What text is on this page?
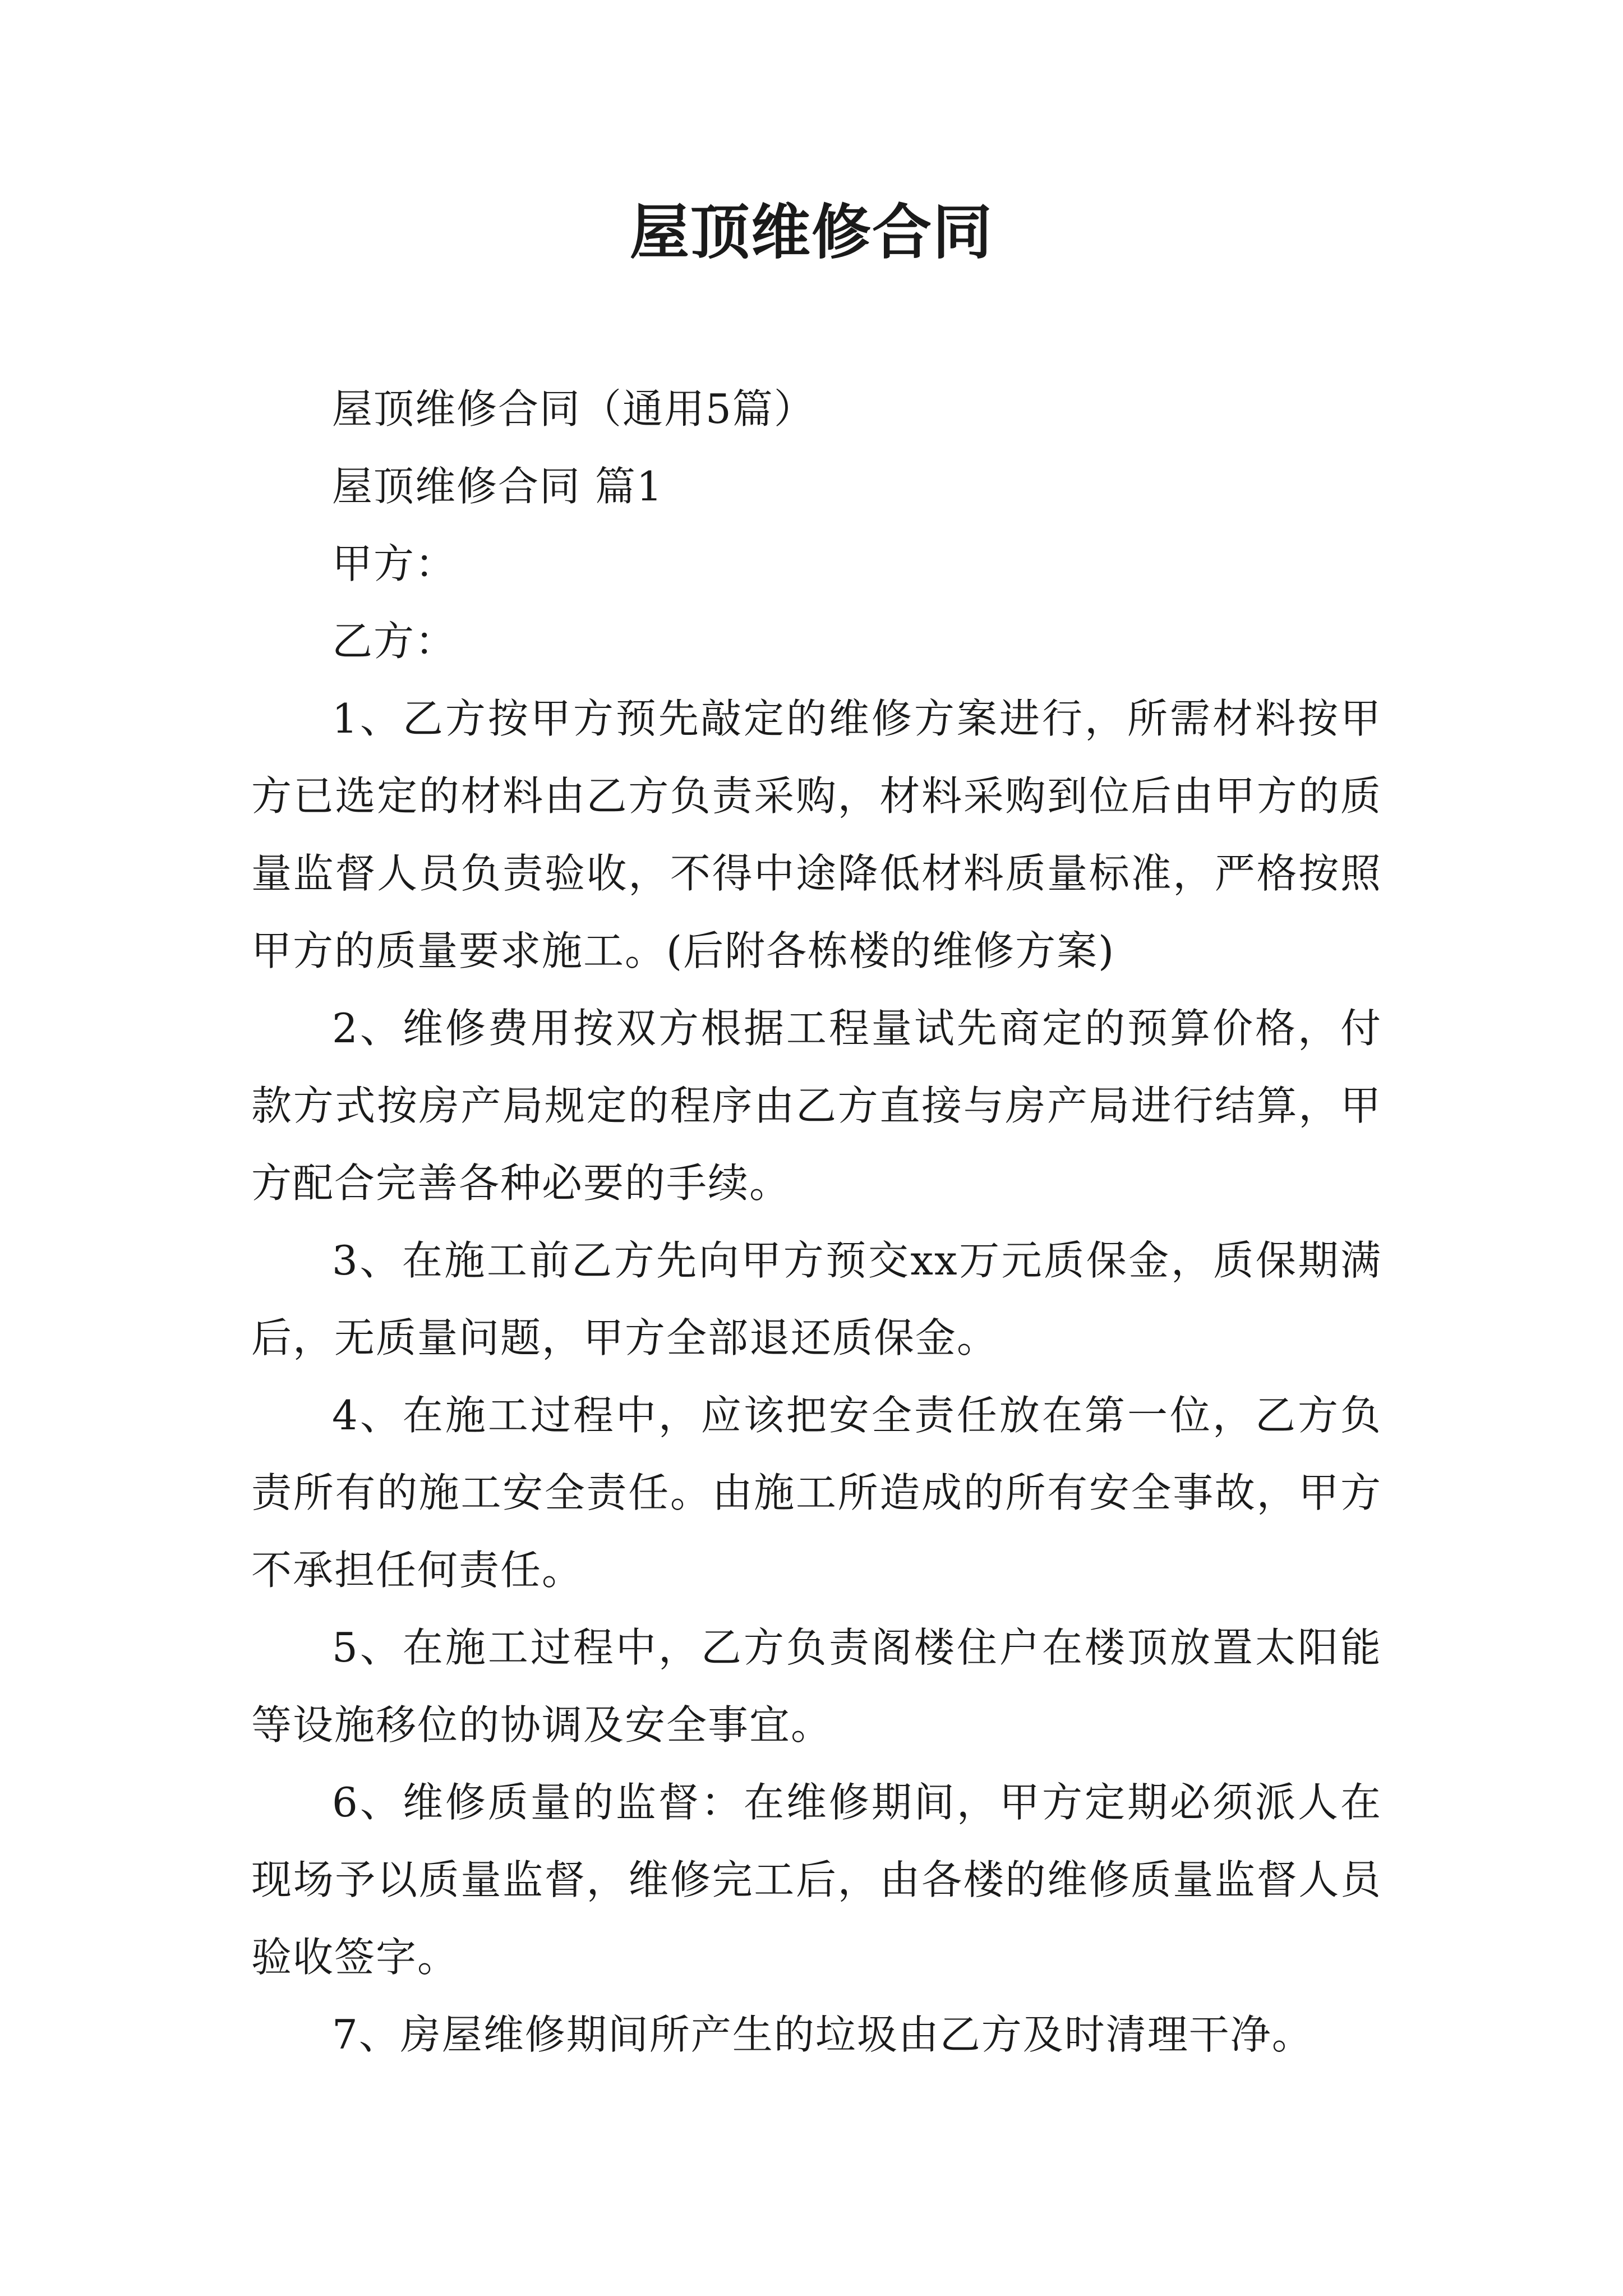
屋顶维修合同

屋顶维修合同（通用5篇）

屋顶维修合同 篇1

甲方：

乙方：

1、乙方按甲方预先敲定的维修方案进行，所需材料按甲方已选定的材料由乙方负责采购，材料采购到位后由甲方的质量监督人员负责验收，不得中途降低材料质量标准，严格按照甲方的质量要求施工。(后附各栋楼的维修方案)

2、维修费用按双方根据工程量试先商定的预算价格，付款方式按房产局规定的程序由乙方直接与房产局进行结算，甲方配合完善各种必要的手续。

3、在施工前乙方先向甲方预交xx万元质保金，质保期满后，无质量问题，甲方全部退还质保金。

4、在施工过程中，应该把安全责任放在第一位，乙方负责所有的施工安全责任。由施工所造成的所有安全事故，甲方不承担任何责任。

5、在施工过程中，乙方负责阁楼住户在楼顶放置太阳能等设施移位的协调及安全事宜。

6、维修质量的监督：在维修期间，甲方定期必须派人在现场予以质量监督，维修完工后，由各楼的维修质量监督人员验收签字。

7、房屋维修期间所产生的垃圾由乙方及时清理干净。
